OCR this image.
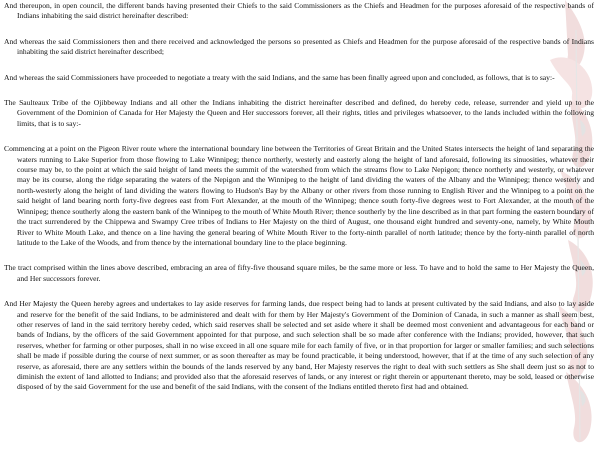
And thereupon, in open council, the different bands having presented their Chiefs to the said Commissioners as the Chiefs and Headmen for the purposes aforesaid of the respective bands of Indians inhabiting the said district hereinafter described:

And whereas the said Commissioners then and there received and acknowledged the persons so presented as Chiefs and Headmen for the purpose aforesaid of the respective bands of Indians inhabiting the said district hereinafter described;

And whereas the said Commissioners have proceeded to negotiate a treaty with the said Indians, and the same has been finally agreed upon and concluded, as follows, that is to say:-

The Saulteaux Tribe of the Ojibbeway Indians and all other the Indians inhabiting the district hereinafter described and defined, do hereby cede, release, surrender and yield up to the Government of the Dominion of Canada for Her Majesty the Queen and Her successors forever, all their rights, titles and privileges whatsoever, to the lands included within the following limits, that is to say:-

Commencing at a point on the Pigeon River route where the international boundary line between the Territories of Great Britain and the United States intersects the height of land separating the waters running to Lake Superior from those flowing to Lake Winnipeg; thence northerly, westerly and easterly along the height of land aforesaid, following its sinuosities, whatever their course may be, to the point at which the said height of land meets the summit of the watershed from which the streams flow to Lake Nepigon; thence northerly and westerly, or whatever may be its course, along the ridge separating the waters of the Nepigon and the Winnipeg to the height of land dividing the waters of the Albany and the Winnipeg; thence westerly and north-westerly along the height of land dividing the waters flowing to Hudson's Bay by the Albany or other rivers from those running to English River and the Winnipeg to a point on the said height of land bearing north forty-five degrees east from Fort Alexander, at the mouth of the Winnipeg; thence south forty-five degrees west to Fort Alexander, at the mouth of the Winnipeg; thence southerly along the eastern bank of the Winnipeg to the mouth of White Mouth River; thence southerly by the line described as in that part forming the eastern boundary of the tract surrendered by the Chippewa and Swampy Cree tribes of Indians to Her Majesty on the third of August, one thousand eight hundred and seventy-one, namely, by White Mouth River to White Mouth Lake, and thence on a line having the general bearing of White Mouth River to the forty-ninth parallel of north latitude; thence by the forty-ninth parallel of north latitude to the Lake of the Woods, and from thence by the international boundary line to the place beginning.

The tract comprised within the lines above described, embracing an area of fifty-five thousand square miles, be the same more or less. To have and to hold the same to Her Majesty the Queen, and Her successors forever.

And Her Majesty the Queen hereby agrees and undertakes to lay aside reserves for farming lands, due respect being had to lands at present cultivated by the said Indians, and also to lay aside and reserve for the benefit of the said Indians, to be administered and dealt with for them by Her Majesty's Government of the Dominion of Canada, in such a manner as shall seem best, other reserves of land in the said territory hereby ceded, which said reserves shall be selected and set aside where it shall be deemed most convenient and advantageous for each band or bands of Indians, by the officers of the said Government appointed for that purpose, and such selection shall be so made after conference with the Indians; provided, however, that such reserves, whether for farming or other purposes, shall in no wise exceed in all one square mile for each family of five, or in that proportion for larger or smaller families; and such selections shall be made if possible during the course of next summer, or as soon thereafter as may be found practicable, it being understood, however, that if at the time of any such selection of any reserve, as aforesaid, there are any settlers within the bounds of the lands reserved by any band, Her Majesty reserves the right to deal with such settlers as She shall deem just so as not to diminish the extent of land allotted to Indians; and provided also that the aforesaid reserves of lands, or any interest or right therein or appurtenant thereto, may be sold, leased or otherwise disposed of by the said Government for the use and benefit of the said Indians, with the consent of the Indians entitled thereto first had and obtained.
